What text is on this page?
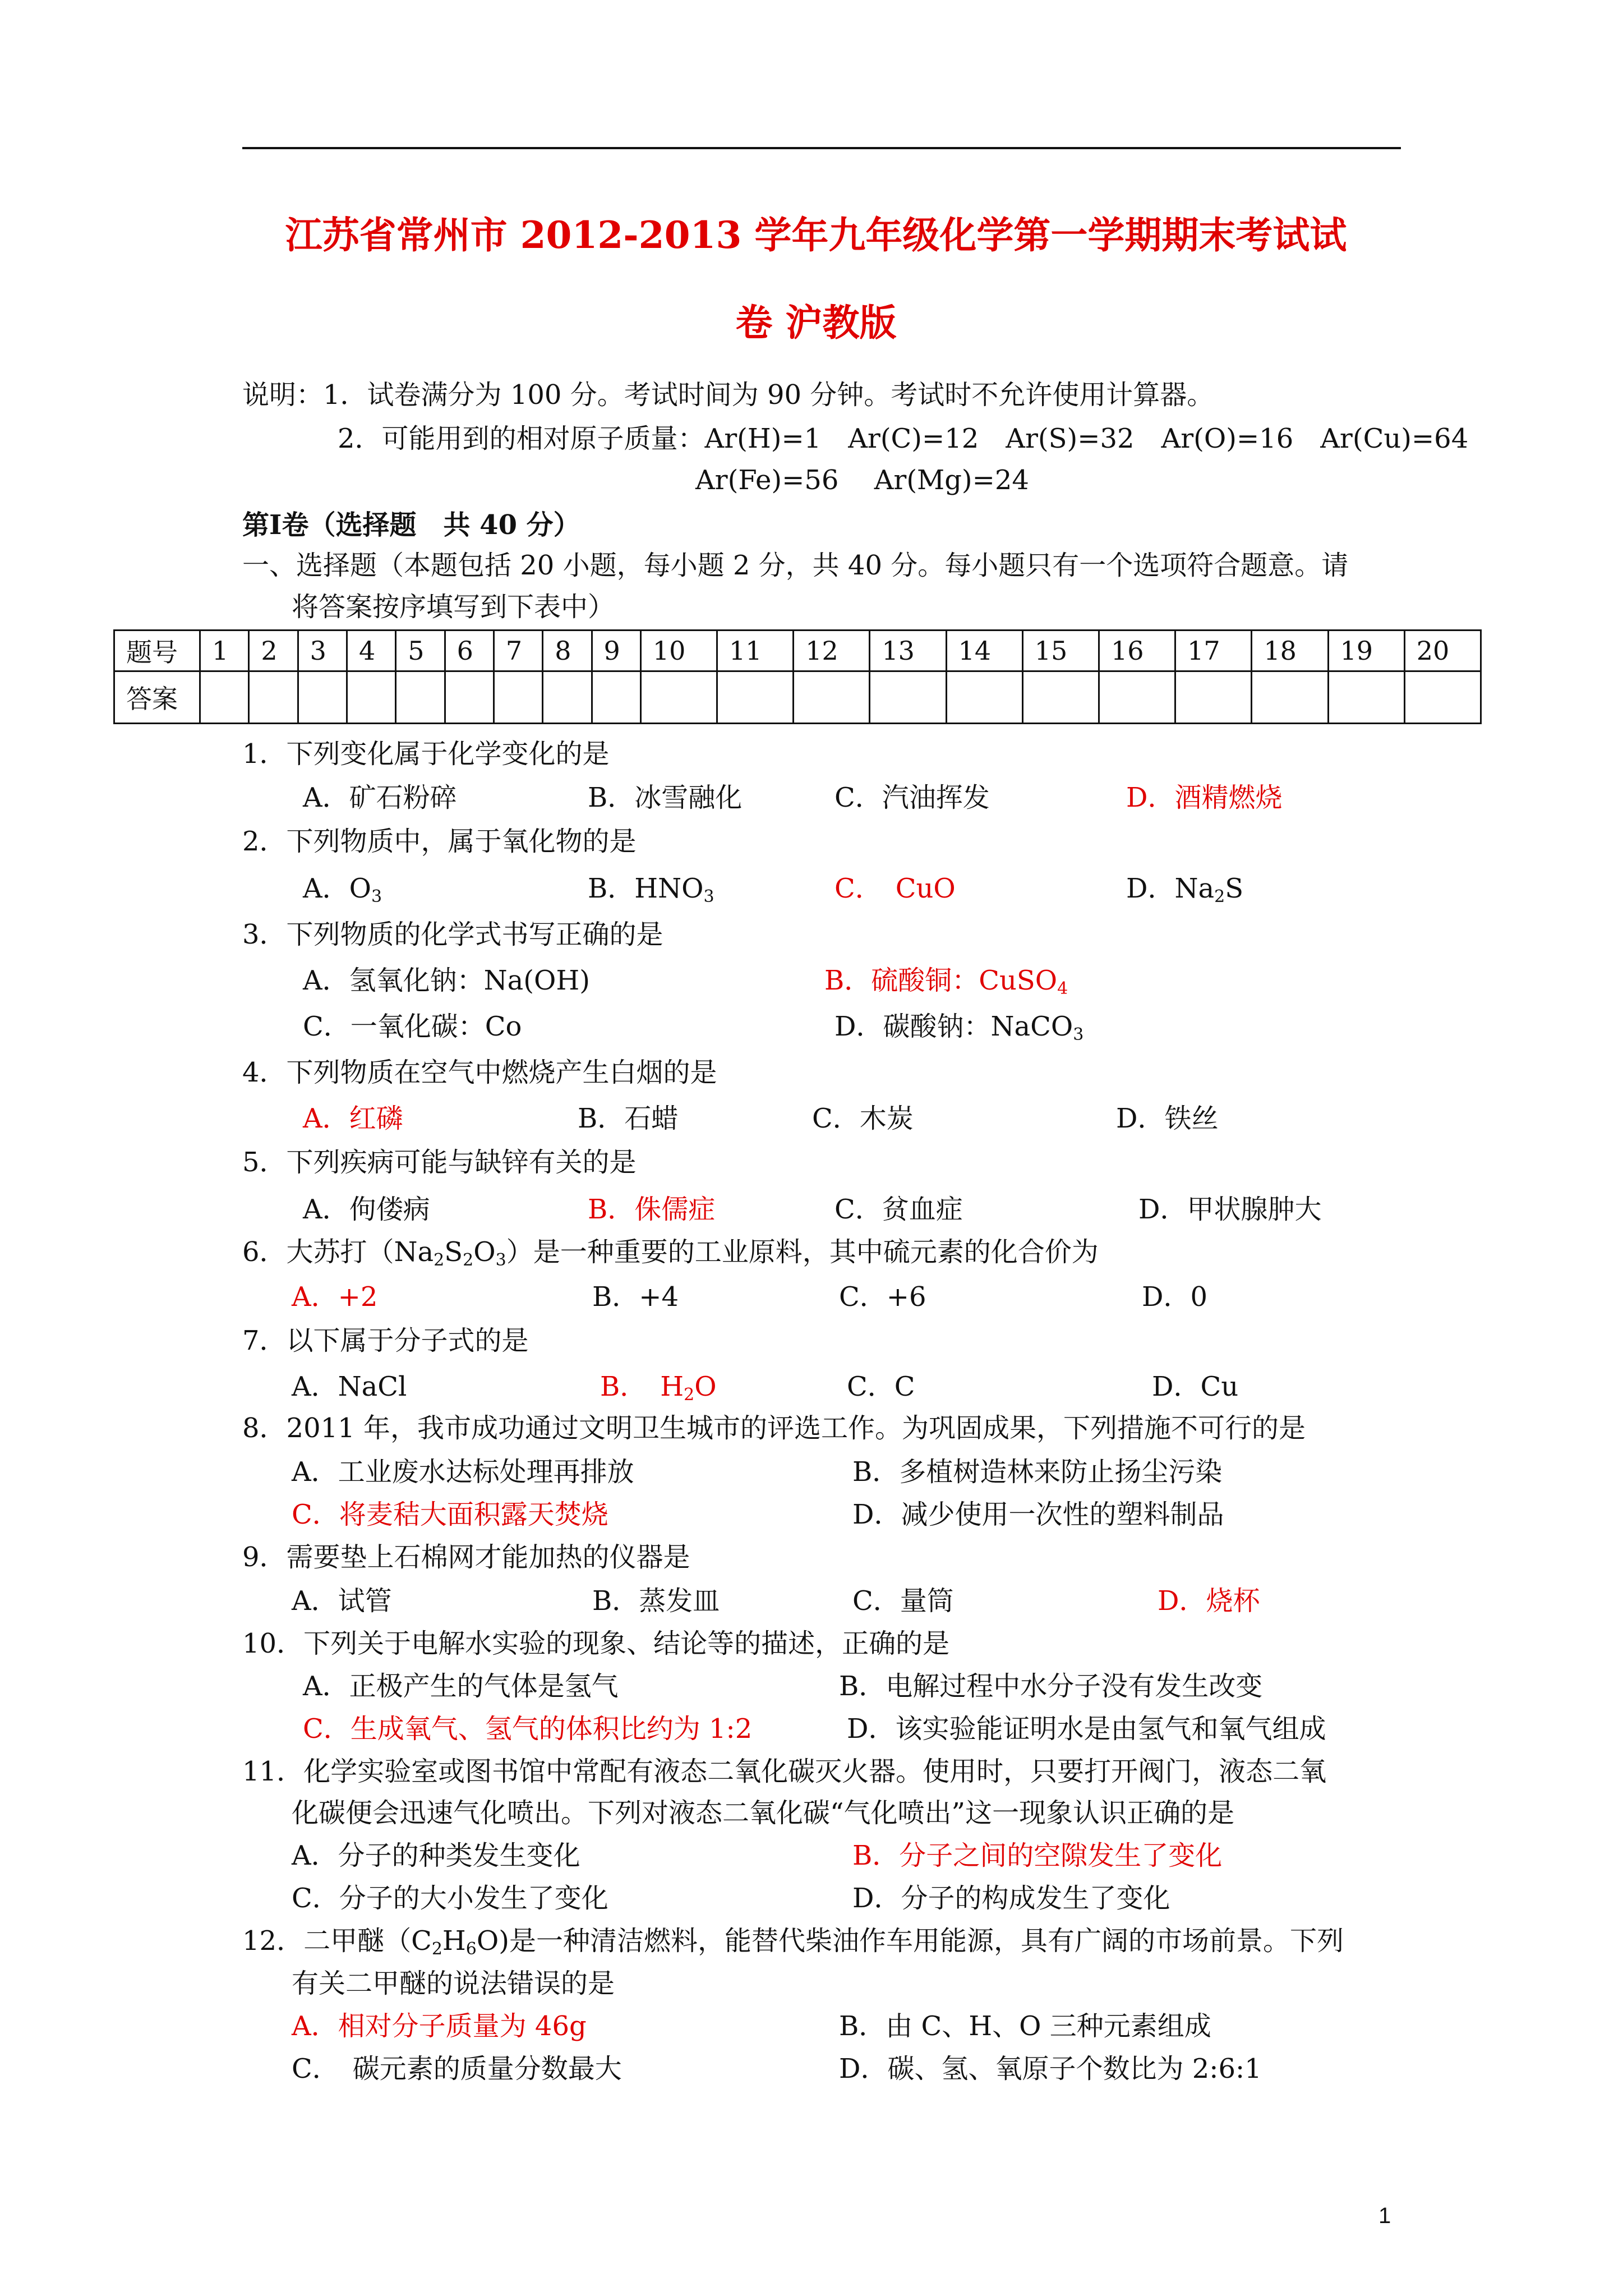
江苏省常州市 2012-2013 学年九年级化学第一学期期末考试试
卷 沪教版
说明：1．试卷满分为 100 分。考试时间为 90 分钟。考试时不允许使用计算器。
2．可能用到的相对原子质量：Ar(H)=1　Ar(C)=12　Ar(S)=32　Ar(O)=16　Ar(Cu)=64
Ar(Fe)=56　 Ar(Mg)=24
第Ⅰ卷（选择题　共 40 分）
一、选择题（本题包括 20 小题，每小题 2 分，共 40 分。每小题只有一个选项符合题意。请
将答案按序填写到下表中）
题号	1	2	3	4	5	6	7	8	9	10	11	12	13	14	15	16	17	18	19	20
答案																				
1．下列变化属于化学变化的是
A．矿石粉碎	B．冰雪融化	C．汽油挥发	D．酒精燃烧
2．下列物质中，属于氧化物的是
A．$O_3$	B．$HNO_3$	C．　CuO	D．$Na_2S$
3．下列物质的化学式书写正确的是
A．氢氧化钠：Na(OH)	B．硫酸铜：CuSO$_4$
C．一氧化碳：Co	D．碳酸钠：NaCO$_3$
4．下列物质在空气中燃烧产生白烟的是
A．红磷	B．石蜡	C．木炭	D．铁丝
5．下列疾病可能与缺锌有关的是
A．佝偻病	B．侏儒症	C．贫血症	D．甲状腺肿大
6．大苏打$(Na_2S_2O_3)$是一种重要的工业原料，其中硫元素的化合价为
A．+2	B．+4	C．+6	D．0
7．以下属于分子式的是
A．NaCl	B．　$H_2O$	C．C	D．Cu
8．2011 年，我市成功通过文明卫生城市的评选工作。为巩固成果，下列措施不可行的是
A．工业废水达标处理再排放	B．多植树造林来防止扬尘污染
C．将麦秸大面积露天焚烧	D．减少使用一次性的塑料制品
9．需要垫上石棉网才能加热的仪器是
A．试管	B．蒸发皿	C．量筒	D．烧杯
10．下列关于电解水实验的现象、结论等的描述，正确的是
A．正极产生的气体是氢气	B．电解过程中水分子没有发生改变
C．生成氧气、氢气的体积比约为 1:2	D．该实验能证明水是由氢气和氧气组成
11．化学实验室或图书馆中常配有液态二氧化碳灭火器。使用时，只要打开阀门，液态二氧
化碳便会迅速气化喷出。下列对液态二氧化碳“气化喷出”这一现象认识正确的是
A．分子的种类发生变化	B．分子之间的空隙发生了变化
C．分子的大小发生了变化	D．分子的构成发生了变化
12．二甲醚$(C_2H_6O)$是一种清洁燃料，能替代柴油作车用能源，具有广阔的市场前景。下列
有关二甲醚的说法错误的是
A．相对分子质量为 46g	B．由 C、H、O 三种元素组成
C．　碳元素的质量分数最大	D．碳、氢、氧原子个数比为 2:6:1
1
